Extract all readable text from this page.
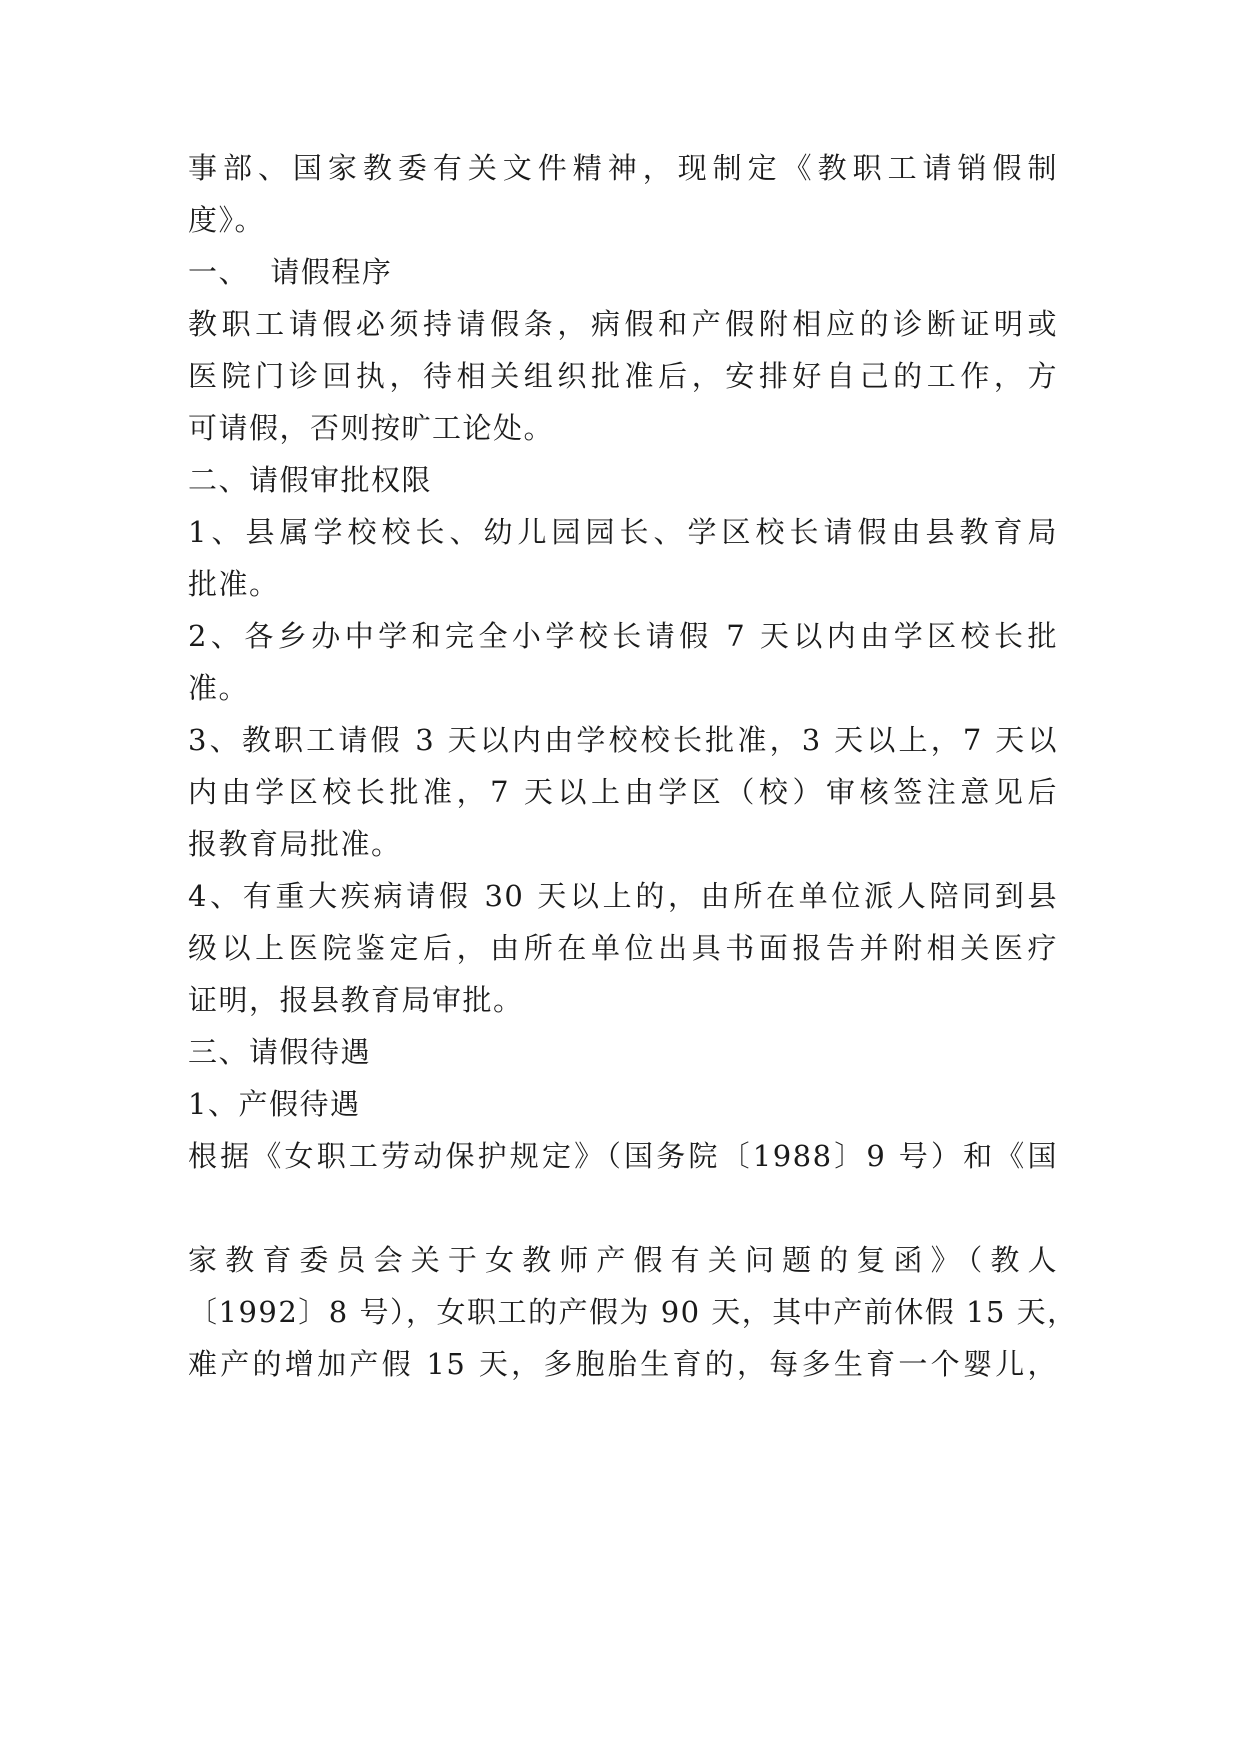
事部、国家教委有关文件精神，现制定《教职工请销假制
度》。
一、  请假程序
教职工请假必须持请假条，病假和产假附相应的诊断证明或
医院门诊回执，待相关组织批准后，安排好自己的工作，方
可请假，否则按旷工论处。
二、请假审批权限
1、县属学校校长、幼儿园园长、学区校长请假由县教育局
批准。
2、各乡办中学和完全小学校长请假 7 天以内由学区校长批
准。
3、教职工请假 3 天以内由学校校长批准，3 天以上，7 天以
内由学区校长批准，7 天以上由学区（校）审核签注意见后
报教育局批准。
4、有重大疾病请假 30 天以上的，由所在单位派人陪同到县
级以上医院鉴定后，由所在单位出具书面报告并附相关医疗
证明，报县教育局审批。
三、请假待遇
1、产假待遇
根据《女职工劳动保护规定》（国务院〔1988〕9 号）和《国
家教育委员会关于女教师产假有关问题的复函》（教人
〔1992〕8 号），女职工的产假为 90 天，其中产前休假 15 天，
难产的增加产假 15 天，多胞胎生育的，每多生育一个婴儿，
